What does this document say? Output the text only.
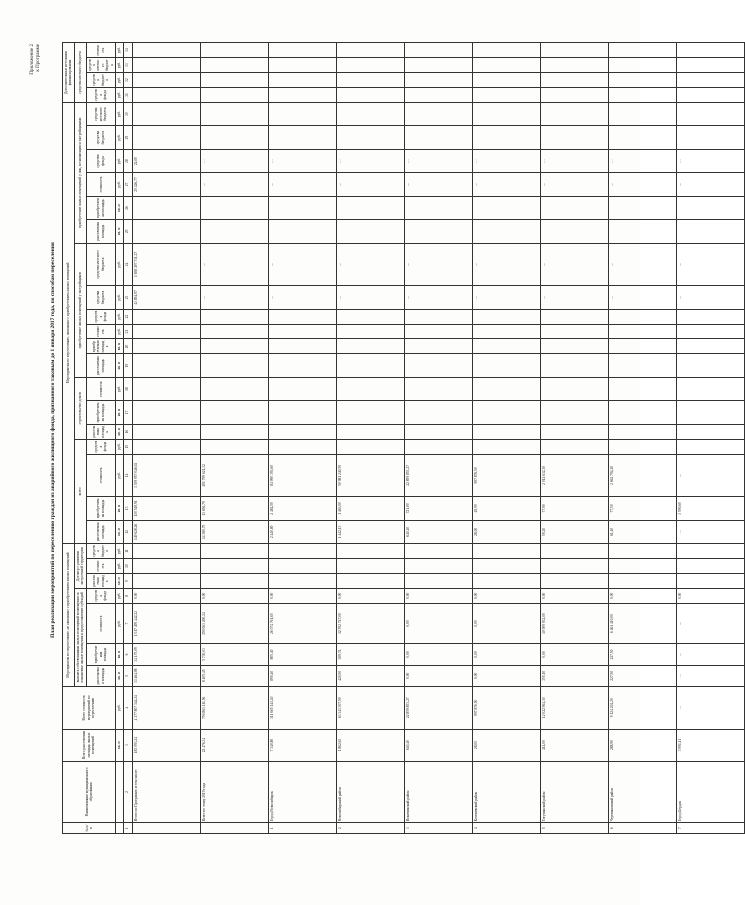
Приложение 2 к Программе
План реализации мероприятий по переселению граждан из аварийного жилищного фонда, признанного таковым до 1 января 2017 года, по способам переселения
№ п/п	Наименование муниципального образования	Всего расселяемая площадь жилых помещений	Всего стоимость мероприятий по переселению	Мероприятия по переселению, не связанные с приобретением жилых помещений							Мероприятия по переселению, связанные с приобретением жилых помещений																			Дополнительные источники финансирования			
				выплата собственникам жилых помещений возмещения за изымаемые жилые помещения и предоставление субсидий				Договор о развитии застроенной территории			всего				строительство домов			приобретение жилых помещений у застройщиков						приобретение жилых помещений у лиц, не являющихся застройщиками						средства местного бюджета			
				расселяемая площадь	приобретаемая площадь	стоимость	средства фонда	расселяемая площадь	стоимость	средства бюджета	расселяемая площадь	приобретаемая площадь	стоимость	средства фонда	расселяемая площадь	приобретаемая площадь	стоимость	расселяемая площадь	приобретаемая площадь	стоимость	средства фонда	средства бюджета	средства местного бюджета	расселяемая площадь	приобретаемая площадь	стоимость	средства фонда	средства бюджета	средства местного бюджета	средства фонда	средства бюджета	средства местного бюджета	стоимость
		кв. м	руб.	кв. м	кв. м	руб.	руб.	кв. м	руб.	руб.	кв. м	кв. м	руб.	руб.	кв. м	кв. м	руб.	кв. м	кв. м	руб.	руб.	руб.	руб.	кв. м	кв. м	руб.	руб.	руб.	руб.	руб.	руб.	руб.	руб.
1	2	3	4	5	6	7	8	9	10	11	12	13	14	15	16	17	18	19	20	21	22	23	24	25	26	27	28	29	30	31	32	33	34
	Итого по Программе, в том числе:	183 093,24	4 377 807 344,24	33 464,98	34 175,09	1 017 495 442,22	0,00				149 628,26	130 549,91	3 359 957 046,02									43 854,97	1 658 497 731,27			25 426,77	22,00						
	Всего по этапу 2019 года	22 476,34	750 863 111,56	8 405,45	5 730,03	259 063 490,24	0,00				14 380,75	13 656,79	491 799 621,32									…	…			…	…						
1	Город Новосибирск	7 340,80	311 665 141,40	890,40	805,40	26 074 761,65	0,00				2 440,80	2 484,50	84 990 393,60									…	…			…	…						
2	Новосибирский район	1 862,63	63 343 307,59	420,50	309,74	12 552 747,00	0,00				1 442,13	1 463,00	50 981 240,59									…	…			…	…						
3	Искитимский район	640,40	22 859 853,27	0,00	0,00	0,00	0,00				640,40	721,00	22 859 853,27									…	…			…	…						
4	Коченевский район	28,00	997 876,50	0,00	0,00	0,00	0,00				28,00	49,90	997 876,50									…	…			…	…						
5	Тогучинский район	414,00	12 022 564,30	355,10	0,00	10 009 932,00	0,00				59,20	77,90	2 012 632,30									…	…			…	…						
6	Черепановский район	288,90	9 124 204,20	227,50	227,50	6 461 410,00	0,00				61,40	77,50	2 662 794,20									…	…			…	…						
7	Город Бердск	3 991,11	…	…	…	…	0,00				…	3 590,60	…									…	…			…	…						
